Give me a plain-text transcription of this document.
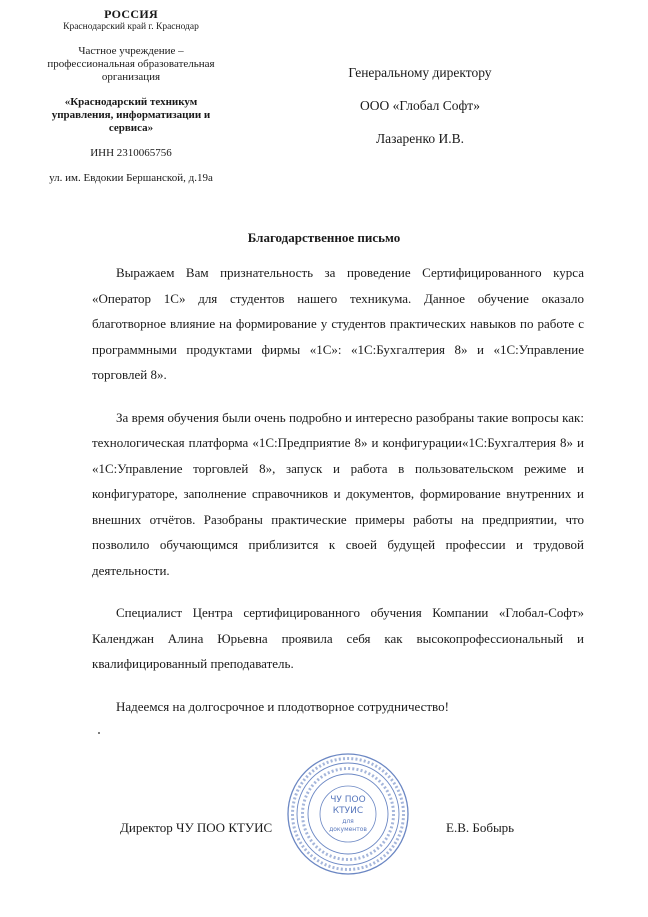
РОССИЯ
Краснодарский край г. Краснодар
Частное учреждение –
профессиональная образовательная
организация
«Краснодарский техникум
управления, информатизации и
сервиса»
ИНН 2310065756
ул. им. Евдокии Бершанской, д.19а
Генеральному директору
ООО «Глобал Софт»
Лазаренко И.В.
Благодарственное письмо

Выражаем Вам признательность за проведение Сертифицированного курса «Оператор 1С» для студентов нашего техникума. Данное обучение оказало благотворное влияние на формирование у студентов практических навыков по работе с программными продуктами фирмы «1С»: «1С:Бухгалтерия 8» и «1С:Управление торговлей 8».

За время обучения были очень подробно и интересно разобраны такие вопросы как: технологическая платформа «1С:Предприятие 8» и конфигурации«1С:Бухгалтерия 8» и «1С:Управление торговлей 8», запуск и работа в пользовательском режиме и конфигураторе, заполнение справочников и документов, формирование внутренних и внешних отчётов. Разобраны практические примеры работы на предприятии, что позволило обучающимся приблизится к своей будущей профессии и трудовой деятельности.

Специалист Центра сертифицированного обучения Компании «Глобал-Софт» Календжан Алина Юрьевна проявила себя как высокопрофессиональный и квалифицированный преподаватель.

Надеемся на долгосрочное и плодотворное сотрудничество!

ЧУ ПОО
КТУИС
для
документов
Директор ЧУ ПОО КТУИС	Е.В. Бобырь
